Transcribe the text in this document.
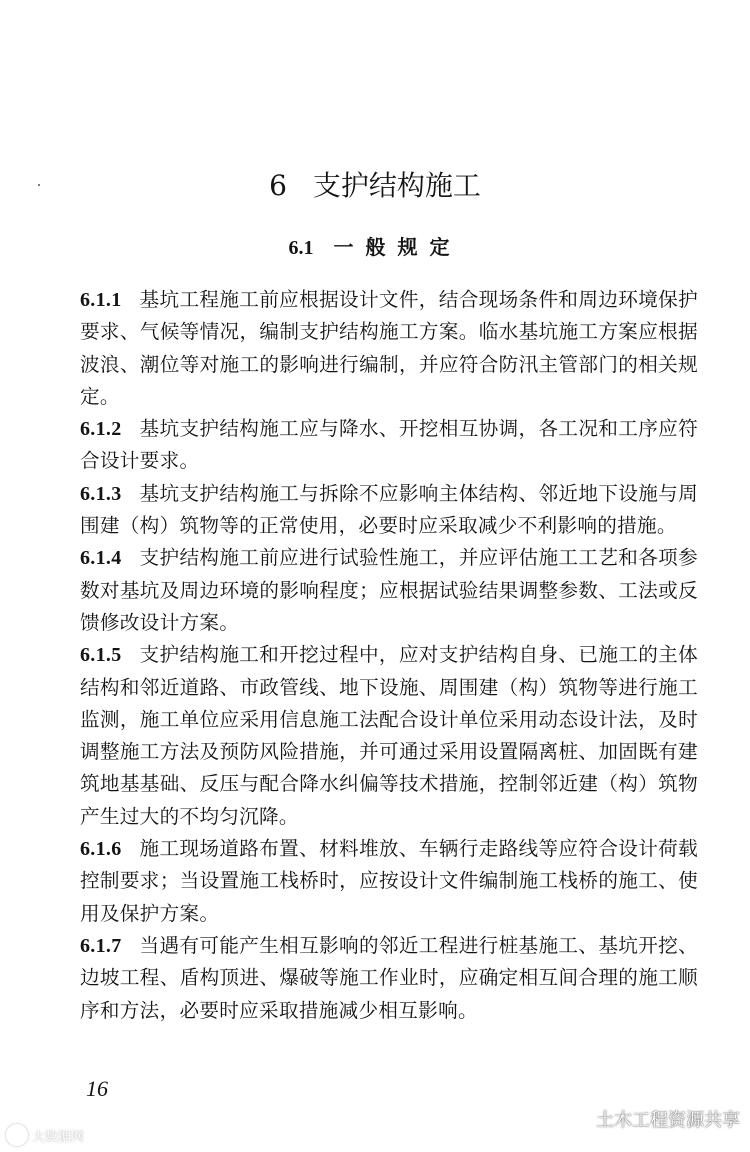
6 支护结构施工
6.1 一般规定

6.1.1 基坑工程施工前应根据设计文件，结合现场条件和周边环境保护要求、气候等情况，编制支护结构施工方案。临水基坑施工方案应根据波浪、潮位等对施工的影响进行编制，并应符合防汛主管部门的相关规定。

6.1.2 基坑支护结构施工应与降水、开挖相互协调，各工况和工序应符合设计要求。

6.1.3 基坑支护结构施工与拆除不应影响主体结构、邻近地下设施与周围建（构）筑物等的正常使用，必要时应采取减少不利影响的措施。

6.1.4 支护结构施工前应进行试验性施工，并应评估施工工艺和各项参数对基坑及周边环境的影响程度；应根据试验结果调整参数、工法或反馈修改设计方案。

6.1.5 支护结构施工和开挖过程中，应对支护结构自身、已施工的主体结构和邻近道路、市政管线、地下设施、周围建（构）筑物等进行施工监测，施工单位应采用信息施工法配合设计单位采用动态设计法，及时调整施工方法及预防风险措施，并可通过采用设置隔离桩、加固既有建筑地基基础、反压与配合降水纠偏等技术措施，控制邻近建（构）筑物产生过大的不均匀沉降。

6.1.6 施工现场道路布置、材料堆放、车辆行走路线等应符合设计荷载控制要求；当设置施工栈桥时，应按设计文件编制施工栈桥的施工、使用及保护方案。

6.1.7 当遇有可能产生相互影响的邻近工程进行桩基施工、基坑开挖、边坡工程、盾构顶进、爆破等施工作业时，应确定相互间合理的施工顺序和方法，必要时应采取措施减少相互影响。

16
大数据网
土木工程资源共享
